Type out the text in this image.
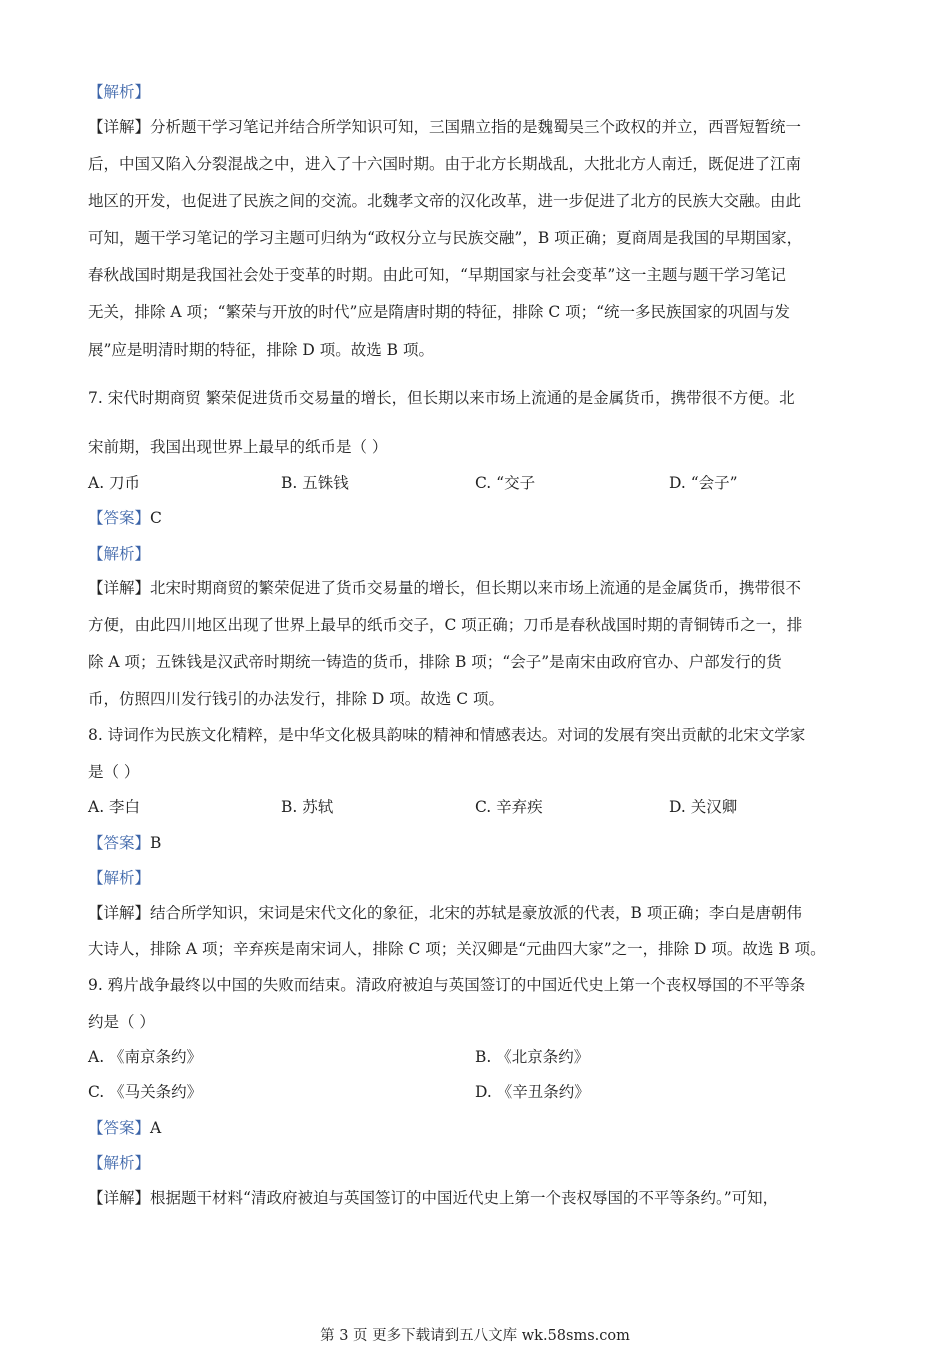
【解析】
【详解】分析题干学习笔记并结合所学知识可知，三国鼎立指的是魏蜀吴三个政权的并立，西晋短暂统一
后，中国又陷入分裂混战之中，进入了十六国时期。由于北方长期战乱，大批北方人南迁，既促进了江南
地区的开发，也促进了民族之间的交流。北魏孝文帝的汉化改革，进一步促进了北方的民族大交融。由此
可知，题干学习笔记的学习主题可归纳为“政权分立与民族交融”，B 项正确；夏商周是我国的早期国家，
春秋战国时期是我国社会处于变革的时期。由此可知，“早期国家与社会变革”这一主题与题干学习笔记
无关，排除 A 项；“繁荣与开放的时代”应是隋唐时期的特征，排除 C 项；“统一多民族国家的巩固与发
展”应是明清时期的特征，排除 D 项。故选 B 项。
7. 宋代时期商贸 繁荣促进货币交易量的增长，但长期以来市场上流通的是金属货币，携带很不方便。北
宋前期，我国出现世界上最早的纸币是（ ）
A. 刀币	B. 五铢钱	C. “交子	D. “会子”
【答案】C
【解析】
【详解】北宋时期商贸的繁荣促进了货币交易量的增长，但长期以来市场上流通的是金属货币，携带很不
方便，由此四川地区出现了世界上最早的纸币交子，C 项正确；刀币是春秋战国时期的青铜铸币之一，排
除 A 项；五铢钱是汉武帝时期统一铸造的货币，排除 B 项；“会子”是南宋由政府官办、户部发行的货
币，仿照四川发行钱引的办法发行，排除 D 项。故选 C 项。
8. 诗词作为民族文化精粹，是中华文化极具韵味的精神和情感表达。对词的发展有突出贡献的北宋文学家
是（ ）
A. 李白	B. 苏轼	C. 辛弃疾	D. 关汉卿
【答案】B
【解析】
【详解】结合所学知识，宋词是宋代文化的象征，北宋的苏轼是豪放派的代表，B 项正确；李白是唐朝伟
大诗人，排除 A 项；辛弃疾是南宋词人，排除 C 项；关汉卿是“元曲四大家”之一，排除 D 项。故选 B 项。
9. 鸦片战争最终以中国的失败而结束。清政府被迫与英国签订的中国近代史上第一个丧权辱国的不平等条
约是（ ）
A. 《南京条约》	B. 《北京条约》
C. 《马关条约》	D. 《辛丑条约》
【答案】A
【解析】
【详解】根据题干材料“清政府被迫与英国签订的中国近代史上第一个丧权辱国的不平等条约。”可知，
第 3 页 更多下载请到五八文库 wk.58sms.com
